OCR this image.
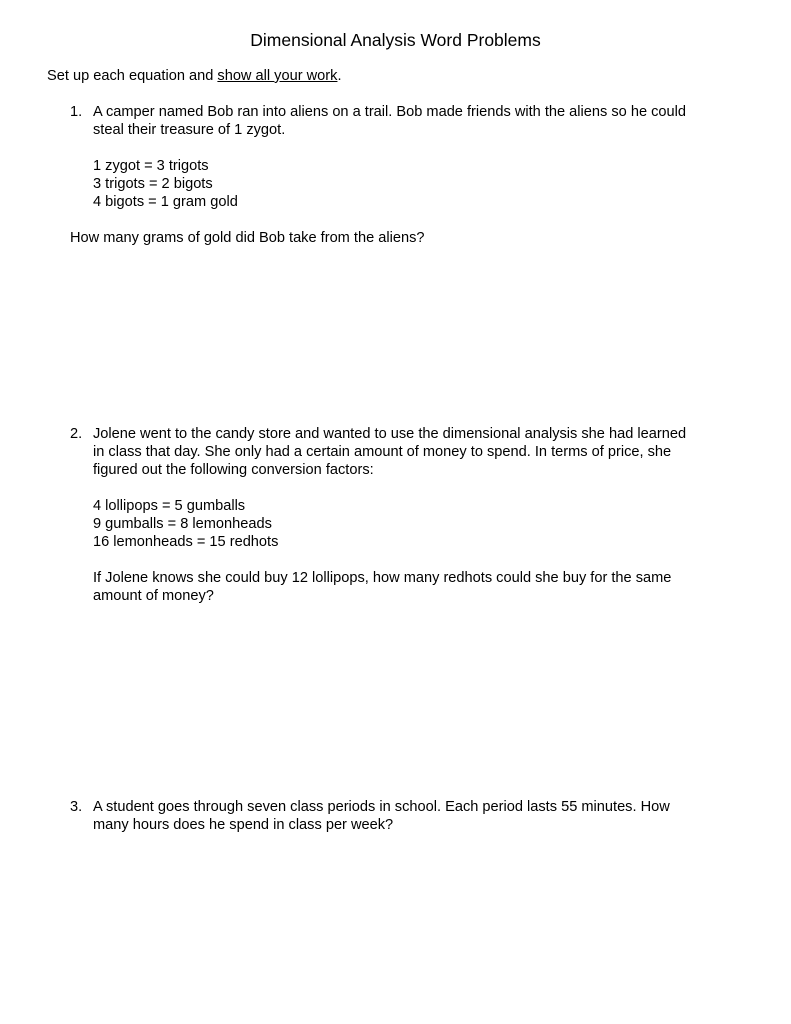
Dimensional Analysis Word Problems
Set up each equation and show all your work.
1. A camper named Bob ran into aliens on a trail. Bob made friends with the aliens so he could
steal their treasure of 1 zygot.
1 zygot = 3 trigots
3 trigots = 2 bigots
4 bigots = 1 gram gold
How many grams of gold did Bob take from the aliens?
2. Jolene went to the candy store and wanted to use the dimensional analysis she had learned
in class that day. She only had a certain amount of money to spend. In terms of price, she
figured out the following conversion factors:
4 lollipops = 5 gumballs
9 gumballs = 8 lemonheads
16 lemonheads = 15 redhots
If Jolene knows she could buy 12 lollipops, how many redhots could she buy for the same
amount of money?
3. A student goes through seven class periods in school. Each period lasts 55 minutes. How
many hours does he spend in class per week?
